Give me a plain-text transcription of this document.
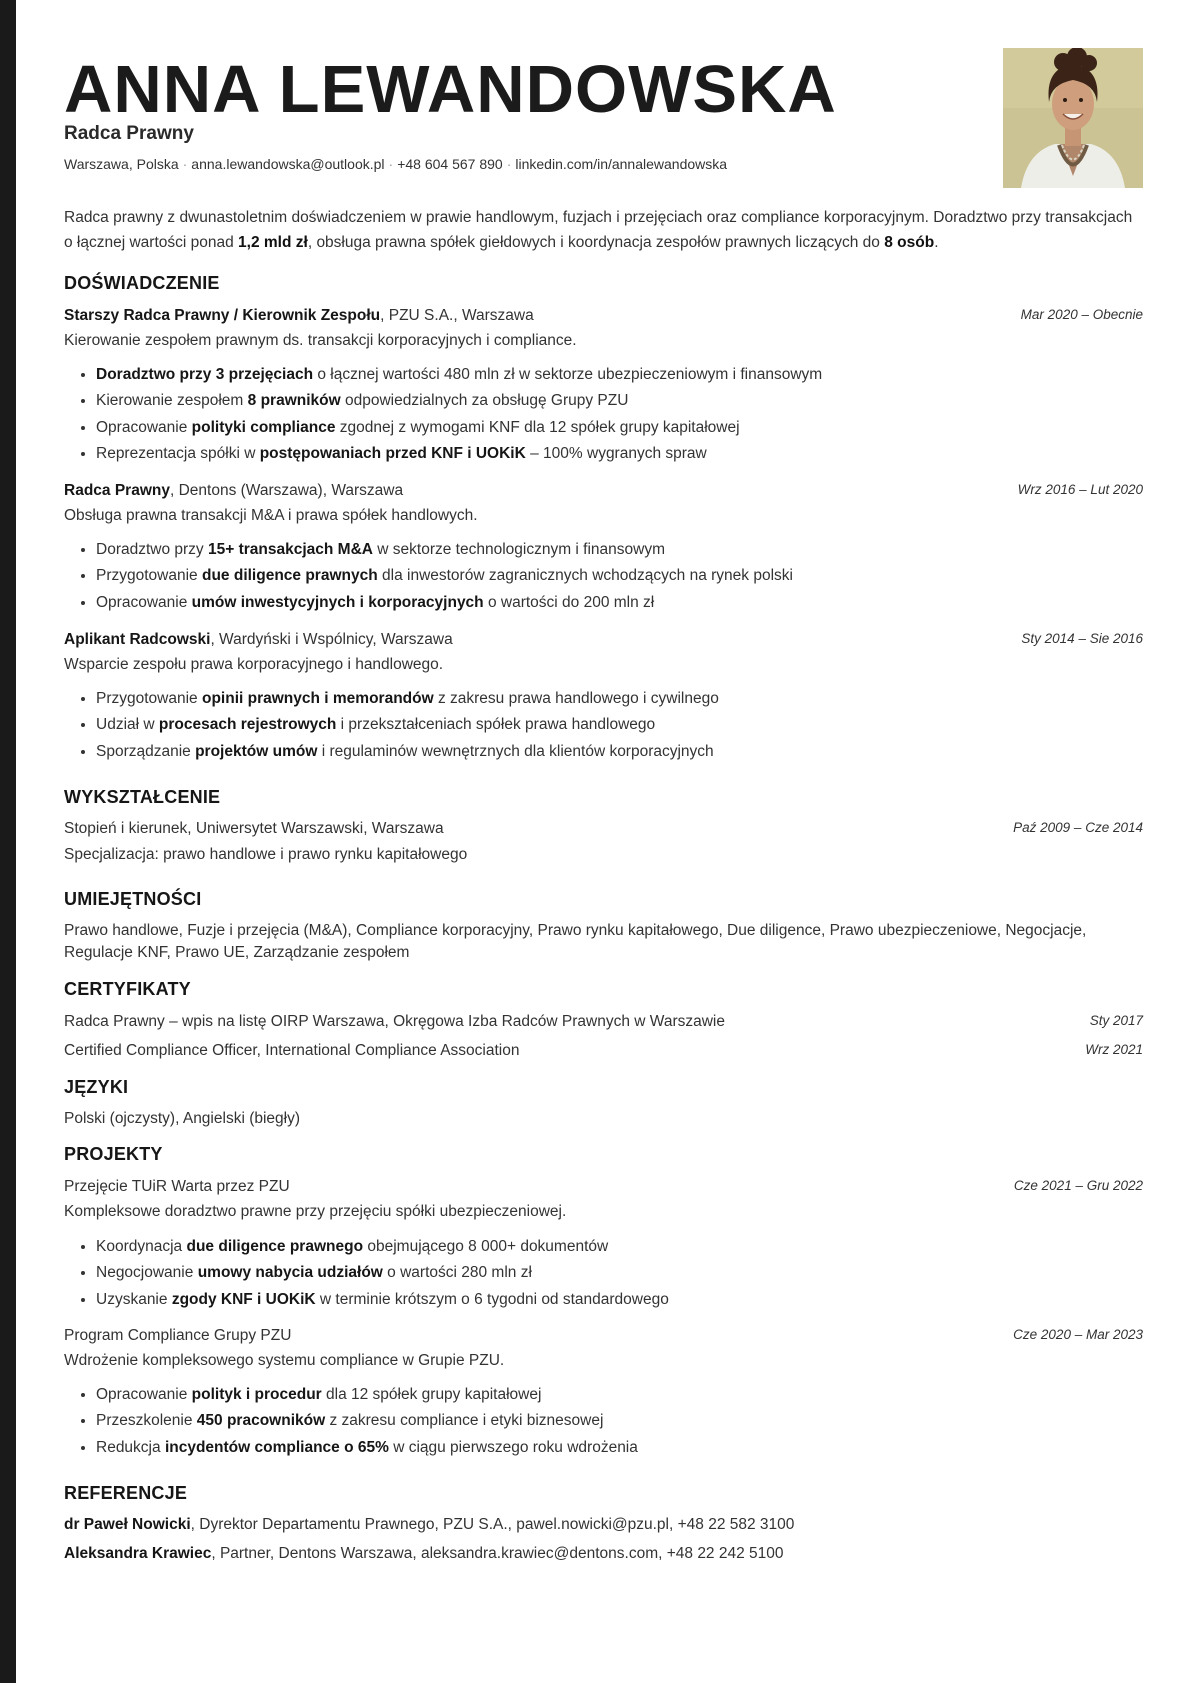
ANNA LEWANDOWSKA
Radca Prawny
Warszawa, Polska · anna.lewandowska@outlook.pl · +48 604 567 890 · linkedin.com/in/annalewandowska
Radca prawny z dwunastoletnim doświadczeniem w prawie handlowym, fuzjach i przejęciach oraz compliance korporacyjnym. Doradztwo przy transakcjach o łącznej wartości ponad 1,2 mld zł, obsługa prawna spółek giełdowych i koordynacja zespołów prawnych liczących do 8 osób.
DOŚWIADCZENIE
Starszy Radca Prawny / Kierownik Zespołu, PZU S.A., Warszawa	Mar 2020 – Obecnie
Kierowanie zespołem prawnym ds. transakcji korporacyjnych i compliance.
• Doradztwo przy 3 przejęciach o łącznej wartości 480 mln zł w sektorze ubezpieczeniowym i finansowym
• Kierowanie zespołem 8 prawników odpowiedzialnych za obsługę Grupy PZU
• Opracowanie polityki compliance zgodnej z wymogami KNF dla 12 spółek grupy kapitałowej
• Reprezentacja spółki w postępowaniach przed KNF i UOKiK – 100% wygranych spraw
Radca Prawny, Dentons (Warszawa), Warszawa	Wrz 2016 – Lut 2020
Obsługa prawna transakcji M&A i prawa spółek handlowych.
• Doradztwo przy 15+ transakcjach M&A w sektorze technologicznym i finansowym
• Przygotowanie due diligence prawnych dla inwestorów zagranicznych wchodzących na rynek polski
• Opracowanie umów inwestycyjnych i korporacyjnych o wartości do 200 mln zł
Aplikant Radcowski, Wardyński i Wspólnicy, Warszawa	Sty 2014 – Sie 2016
Wsparcie zespołu prawa korporacyjnego i handlowego.
• Przygotowanie opinii prawnych i memorandów z zakresu prawa handlowego i cywilnego
• Udział w procesach rejestrowych i przekształceniach spółek prawa handlowego
• Sporządzanie projektów umów i regulaminów wewnętrznych dla klientów korporacyjnych
WYKSZTAŁCENIE
Stopień i kierunek, Uniwersytet Warszawski, Warszawa	Paź 2009 – Cze 2014
Specjalizacja: prawo handlowe i prawo rynku kapitałowego
UMIEJĘTNOŚCI
Prawo handlowe, Fuzje i przejęcia (M&A), Compliance korporacyjny, Prawo rynku kapitałowego, Due diligence, Prawo ubezpieczeniowe, Negocjacje, Regulacje KNF, Prawo UE, Zarządzanie zespołem
CERTYFIKATY
Radca Prawny – wpis na listę OIRP Warszawa, Okręgowa Izba Radców Prawnych w Warszawie	Sty 2017
Certified Compliance Officer, International Compliance Association	Wrz 2021
JĘZYKI
Polski (ojczysty), Angielski (biegły)
PROJEKTY
Przejęcie TUiR Warta przez PZU	Cze 2021 – Gru 2022
Kompleksowe doradztwo prawne przy przejęciu spółki ubezpieczeniowej.
• Koordynacja due diligence prawnego obejmującego 8 000+ dokumentów
• Negocjowanie umowy nabycia udziałów o wartości 280 mln zł
• Uzyskanie zgody KNF i UOKiK w terminie krótszym o 6 tygodni od standardowego
Program Compliance Grupy PZU	Cze 2020 – Mar 2023
Wdrożenie kompleksowego systemu compliance w Grupie PZU.
• Opracowanie polityk i procedur dla 12 spółek grupy kapitałowej
• Przeszkolenie 450 pracowników z zakresu compliance i etyki biznesowej
• Redukcja incydentów compliance o 65% w ciągu pierwszego roku wdrożenia
REFERENCJE
dr Paweł Nowicki, Dyrektor Departamentu Prawnego, PZU S.A., pawel.nowicki@pzu.pl, +48 22 582 3100
Aleksandra Krawiec, Partner, Dentons Warszawa, aleksandra.krawiec@dentons.com, +48 22 242 5100
